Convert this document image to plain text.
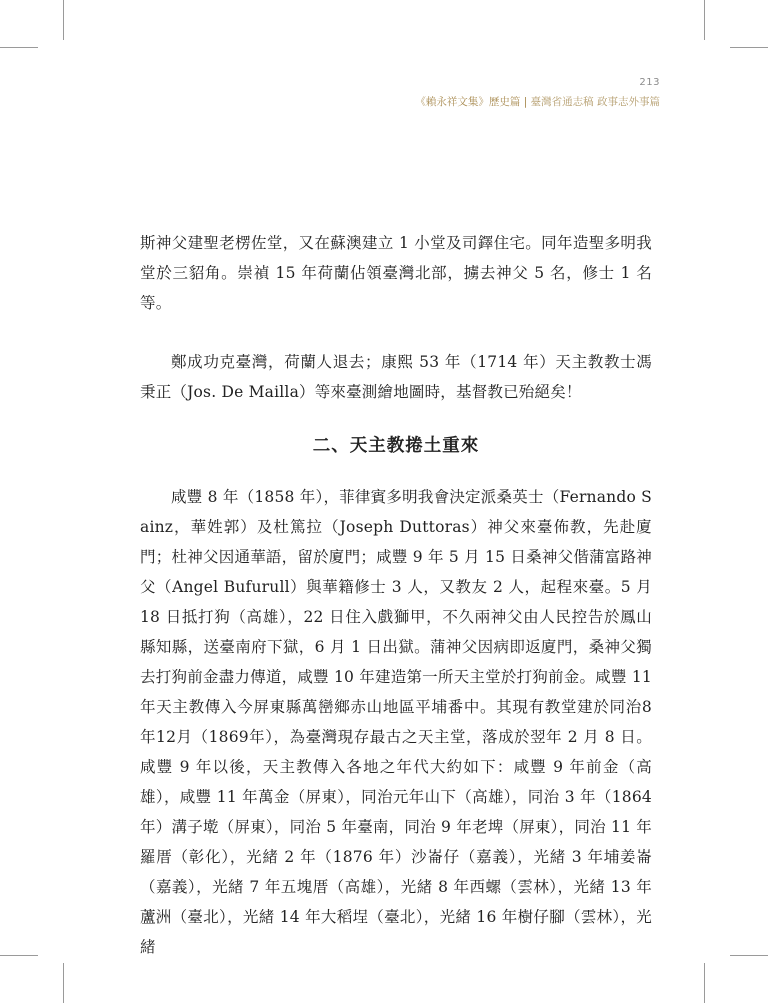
213
《賴永祥文集》歷史篇 | 臺灣省通志稿 政事志外事篇

斯神父建聖老楞佐堂，又在蘇澳建立 1 小堂及司鐸住宅。同年造聖多明我堂於三貂角。崇禎 15 年荷蘭佔領臺灣北部，擄去神父 5 名，修士 1 名等。

鄭成功克臺灣，荷蘭人退去；康熙 53 年（1714 年）天主教教士馮秉正（Jos. De Mailla）等來臺測繪地圖時，基督教已殆絕矣！

二、天主教捲土重來

咸豐 8 年（1858 年），菲律賓多明我會決定派桑英士（Fernando Sainz，華姓郭）及杜篤拉（Joseph Duttoras）神父來臺佈教，先赴廈門；杜神父因通華語，留於廈門；咸豐 9 年 5 月 15 日桑神父偕蒲富路神父（Angel Bufurull）與華籍修士 3 人，又教友 2 人，起程來臺。5 月 18 日抵打狗（高雄），22 日住入戲獅甲，不久兩神父由人民控告於鳳山縣知縣，送臺南府下獄，6 月 1 日出獄。蒲神父因病即返廈門，桑神父獨去打狗前金盡力傳道，咸豐 10 年建造第一所天主堂於打狗前金。咸豐 11 年天主教傳入今屏東縣萬巒鄉赤山地區平埔番中。其現有教堂建於同治8年12月（1869年），為臺灣現存最古之天主堂，落成於翌年 2 月 8 日。咸豐 9 年以後，天主教傳入各地之年代大約如下：咸豐 9 年前金（高雄），咸豐 11 年萬金（屏東），同治元年山下（高雄），同治 3 年（1864 年）溝子墘（屏東），同治 5 年臺南，同治 9 年老埤（屏東），同治 11 年羅厝（彰化），光緒 2 年（1876 年）沙崙仔（嘉義），光緒 3 年埔姜崙（嘉義），光緒 7 年五塊厝（高雄），光緒 8 年西螺（雲林），光緒 13 年蘆洲（臺北），光緒 14 年大稻埕（臺北），光緒 16 年樹仔腳（雲林），光緒
